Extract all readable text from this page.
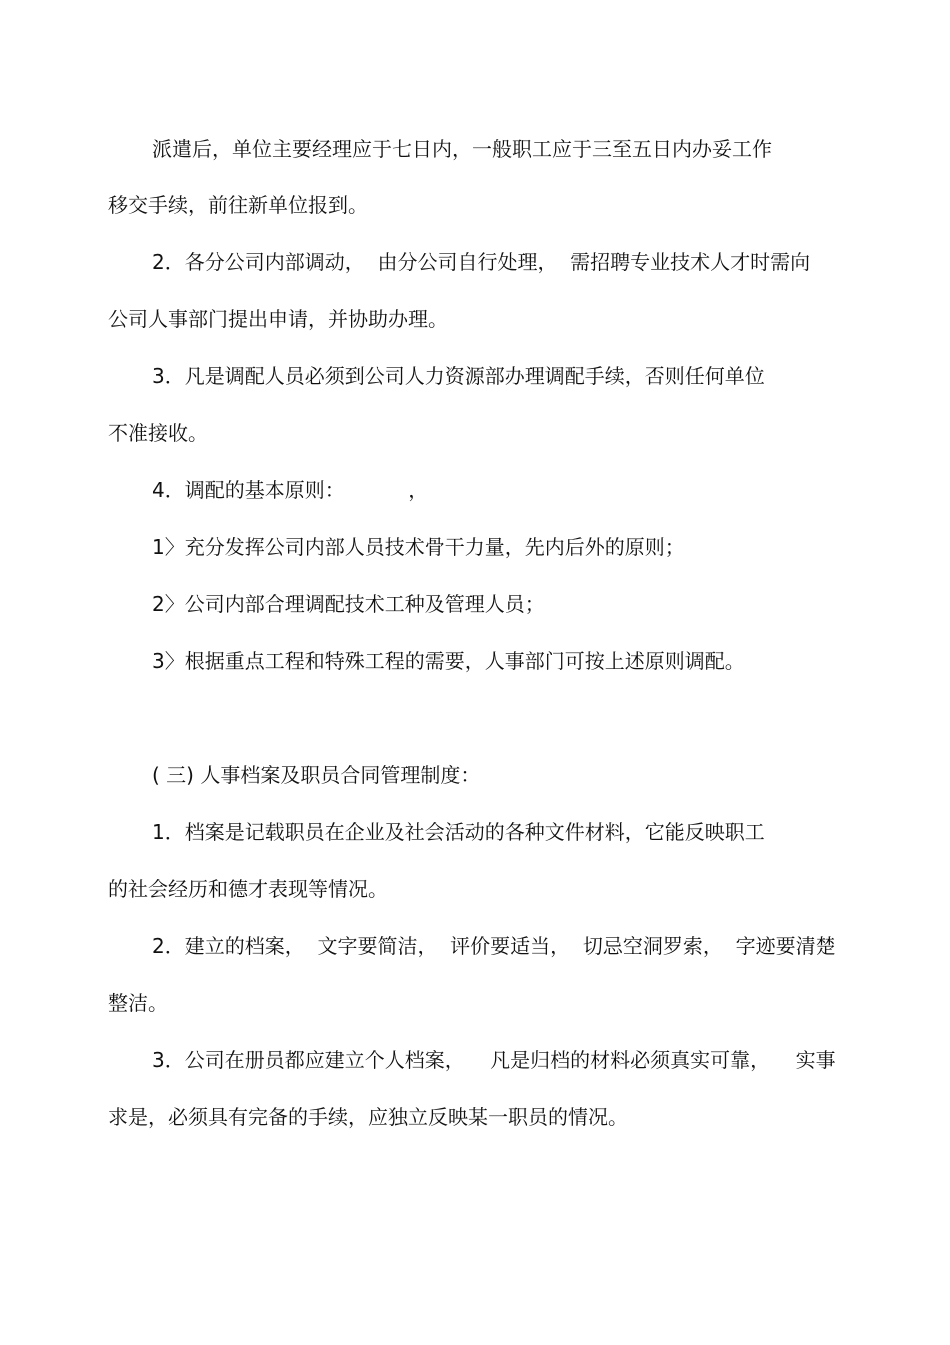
派遣后，单位主要经理应于七日内，一般职工应于三至五日内办妥工作
移交手续，前往新单位报到。
2．各分公司内部调动，  由分公司自行处理，  需招聘专业技术人才时需向
公司人事部门提出申请，并协助办理。
3．凡是调配人员必须到公司人力资源部办理调配手续，否则任何单位
不准接收。
4．调配的基本原则：          ，
1〉充分发挥公司内部人员技术骨干力量，先内后外的原则；
2〉公司内部合理调配技术工种及管理人员；
3〉根据重点工程和特殊工程的需要，人事部门可按上述原则调配。
( 三) 人事档案及职员合同管理制度：
1．档案是记载职员在企业及社会活动的各种文件材料，它能反映职工
的社会经历和德才表现等情况。
2．建立的档案，  文字要简洁，  评价要适当，  切忌空洞罗索，  字迹要清楚
整洁。
3．公司在册员都应建立个人档案，    凡是归档的材料必须真实可靠，    实事
求是，必须具有完备的手续，应独立反映某一职员的情况。
